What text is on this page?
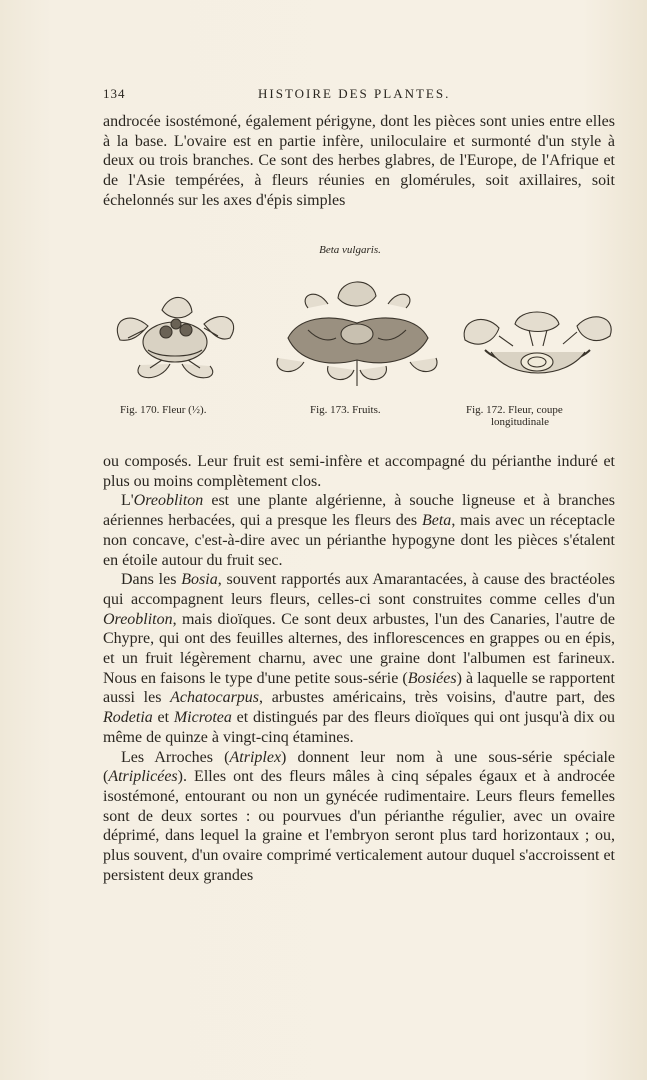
134	HISTOIRE DES PLANTES.

androcée isostémoné, également périgyne, dont les pièces sont unies entre elles à la base. L'ovaire est en partie infère, uniloculaire et surmonté d'un style à deux ou trois branches. Ce sont des herbes glabres, de l'Europe, de l'Afrique et de l'Asie tempérées, à fleurs réunies en glomérules, soit axillaires, soit échelonnés sur les axes d'épis simples

Beta vulgaris.
Fig. 170. Fleur (½).	Fig. 173. Fruits.	Fig. 172. Fleur, coupe
longitudinale

ou composés. Leur fruit est semi-infère et accompagné du périanthe induré et plus ou moins complètement clos.

L'Oreobliton est une plante algérienne, à souche ligneuse et à branches aériennes herbacées, qui a presque les fleurs des Beta, mais avec un réceptacle non concave, c'est-à-dire avec un périanthe hypogyne dont les pièces s'étalent en étoile autour du fruit sec.

Dans les Bosia, souvent rapportés aux Amarantacées, à cause des bractéoles qui accompagnent leurs fleurs, celles-ci sont construites comme celles d'un Oreobliton, mais dioïques. Ce sont deux arbustes, l'un des Canaries, l'autre de Chypre, qui ont des feuilles alternes, des inflorescences en grappes ou en épis, et un fruit légèrement charnu, avec une graine dont l'albumen est farineux. Nous en faisons le type d'une petite sous-série (Bosiées) à laquelle se rapportent aussi les Achatocarpus, arbustes américains, très voisins, d'autre part, des Rodetia et Microtea et distingués par des fleurs dioïques qui ont jusqu'à dix ou même de quinze à vingt-cinq étamines.

Les Arroches (Atriplex) donnent leur nom à une sous-série spéciale (Atriplicées). Elles ont des fleurs mâles à cinq sépales égaux et à androcée isostémoné, entourant ou non un gynécée rudimentaire. Leurs fleurs femelles sont de deux sortes : ou pourvues d'un périanthe régulier, avec un ovaire déprimé, dans lequel la graine et l'embryon seront plus tard horizontaux ; ou, plus souvent, d'un ovaire comprimé verticalement autour duquel s'accroissent et persistent deux grandes
